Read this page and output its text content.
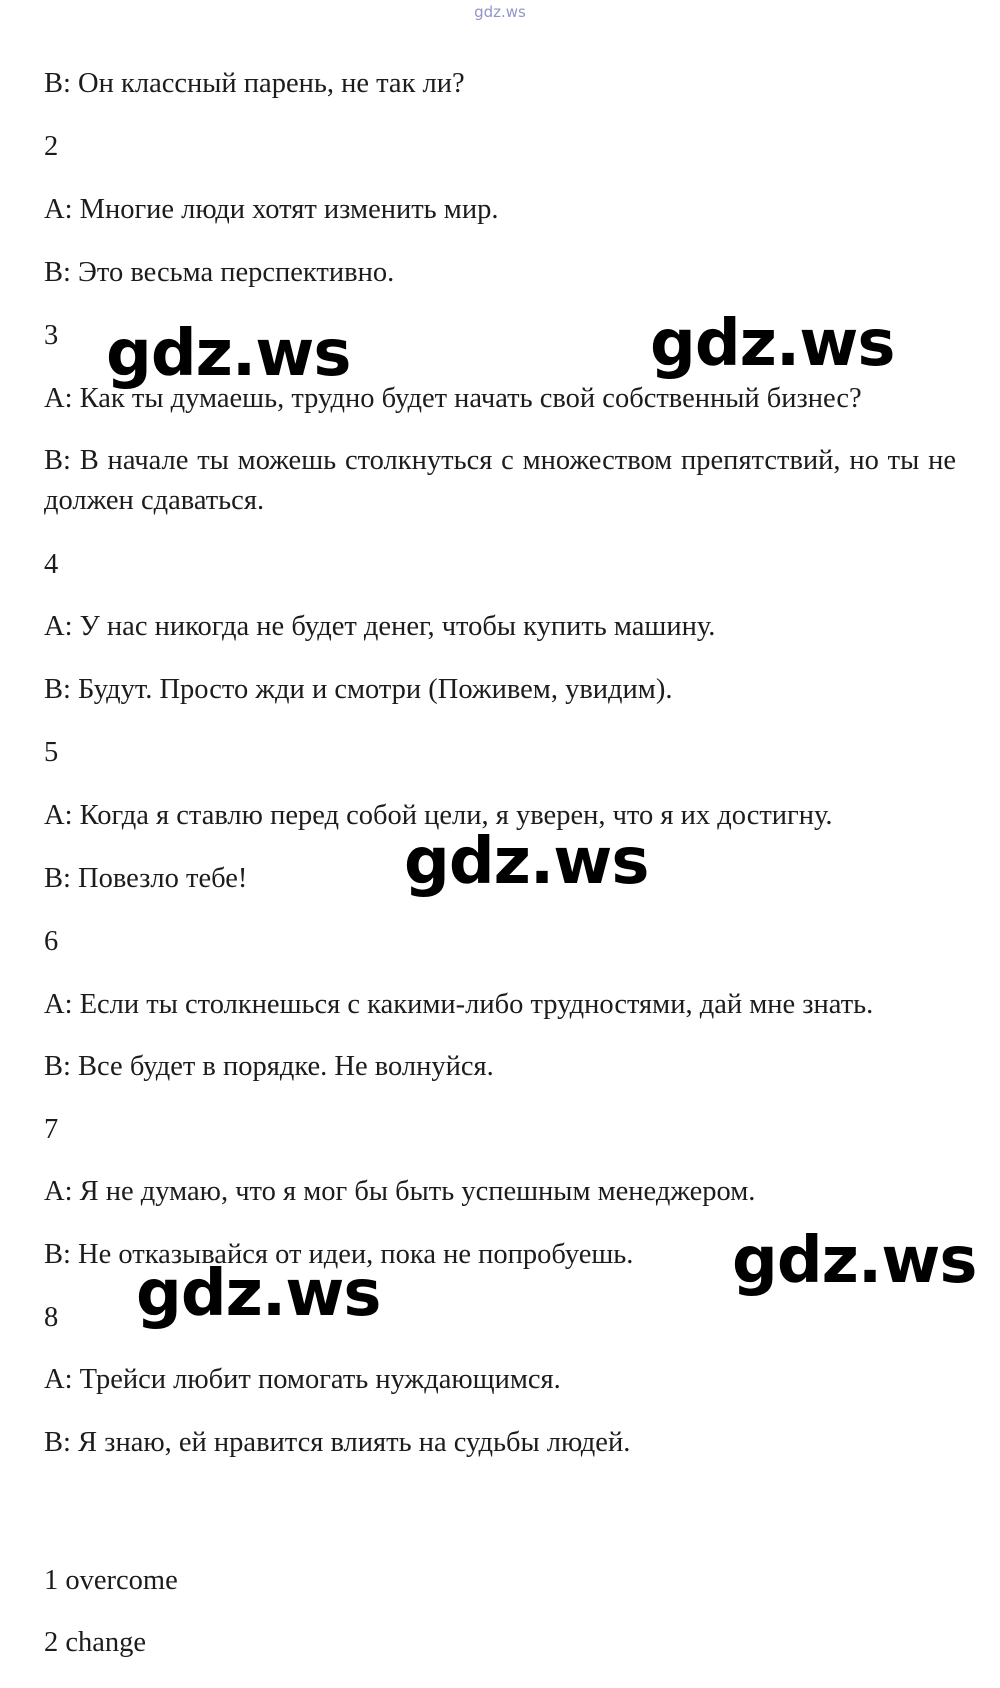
gdz.ws
B: Он классный парень, не так ли?
2
A: Многие люди хотят изменить мир.
B: Это весьма перспективно.
3
A: Как ты думаешь, трудно будет начать свой собственный бизнес?
B: В начале ты можешь столкнуться с множеством препятствий, но ты не должен сдаваться.
4
A: У нас никогда не будет денег, чтобы купить машину.
B: Будут. Просто жди и смотри (Поживем, увидим).
5
A: Когда я ставлю перед собой цели, я уверен, что я их достигну.
B: Повезло тебе!
6
A: Если ты столкнешься с какими-либо трудностями, дай мне знать.
B: Все будет в порядке. Не волнуйся.
7
A: Я не думаю, что я мог бы быть успешным менеджером.
B: Не отказывайся от идеи, пока не попробуешь.
8
A: Трейси любит помогать нуждающимся.
B: Я знаю, ей нравится влиять на судьбы людей.
1 overcome
2 change
gdz.ws	gdz.ws
gdz.ws
gdz.ws
gdz.ws
